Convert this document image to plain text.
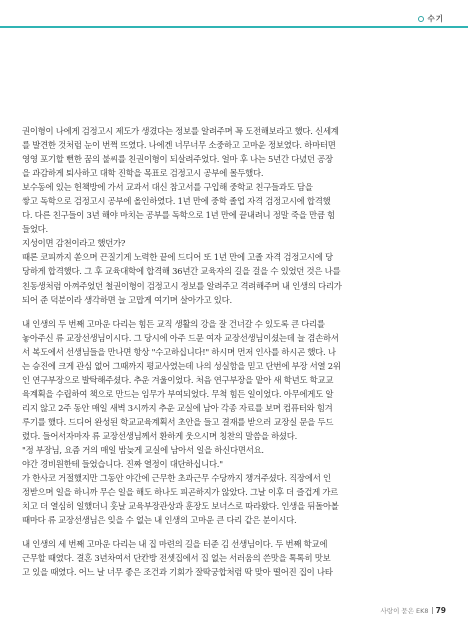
수기
권이형이 나에게 검정고시 제도가 생겼다는 정보를 알려주며 꼭 도전해보라고 했다. 신세계
를 발견한 것처럼 눈이 번쩍 뜨였다. 나에겐 너무너무 소중하고 고마운 정보였다. 하마터면
영영 포기할 뻔한 꿈의 불씨를 친권이형이 되살려주었다. 얼마 후 나는 5년간 다녔던 공장
을 과감하게 퇴사하고 대학 진학을 목표로 검정고시 공부에 몰두했다.
보수동에 있는 헌책방에 가서 교과서 대신 참고서를 구입해 중학교 친구들과도 담을
쌓고 독학으로 검정고시 공부에 올인하였다. 1년 만에 중학 졸업 자격 검정고시에 합격했
다. 다른 친구들이 3년 해야 마치는 공부를 독학으로 1년 만에 끝내려니 정말 죽을 만큼 힘
들었다.
지성이면 감천이라고 했던가?
때론 코피까지 쏟으며 끈질기게 노력한 끝에 드디어 또 1년 만에 고졸 자격 검정고시에 당
당하게 합격했다. 그 후 교육대학에 합격해 36년간 교육자의 길을 걸을 수 있었던 것은 나를
친동생처럼 아껴주었던 철권이형이 검정고시 정보를 알려주고 격려해주며 내 인생의 다리가
되어 준 덕분이라 생각하면 늘 고맙게 여기며 살아가고 있다.
내 인생의 두 번째 고마운 다리는 힘든 교직 생활의 강을 잘 건너갈 수 있도록 큰 다리를
놓아주신 류 교장선생님이시다. 그 당시에 아주 드문 여자 교장선생님이셨는데 늘 겸손하셔
서 복도에서 선생님들을 만나면 항상 "수고하십니다!" 하시며 먼저 인사를 하시곤 했다. 나
는 승진에 크게 관심 없어 그때까지 평교사였는데 나의 성실함을 믿고 단번에 부장 서열 2위
인 연구부장으로 발탁해주셨다. 추운 겨울이었다. 처음 연구부장을 맡아 새 학년도 학교교
육계획을 수립하여 책으로 만드는 임무가 부여되었다. 무척 힘든 일이었다. 아무에게도 알
리지 않고 2주 동안 매일 새벽 3시까지 추운 교실에 남아 각종 자료를 보며 컴퓨터와 힘겨
루기를 했다. 드디어 완성된 학교교육계획서 초안을 들고 결재를 받으러 교장실 문을 두드
렸다. 들어서자마자 류 교장선생님께서 환하게 웃으시며 칭찬의 말씀을 하셨다.
"정 부장님, 요즘 거의 매일 밤늦게 교실에 남아서 일을 하신다면서요.
야간 경비원한테 들었습니다. 진짜 열정이 대단하십니다."
가 한사코 거절했지만 그동안 야간에 근무한 초과근무 수당까지 챙겨주셨다. 직장에서 인
정받으며 일을 하니까 무슨 일을 해도 하나도 피곤하지가 않았다. 그날 이후 더 즐겁게 가르
치고 더 열심히 일했더니 훗날 교육부장관상과 훈장도 보너스로 따라왔다. 인생을 뒤돌아볼
때마다 류 교장선생님은 잊을 수 없는 내 인생의 고마운 큰 다리 같은 분이시다.
내 인생의 세 번째 고마운 다리는 내 집 마련의 길을 터준 김 선생님이다. 두 번째 학교에
근무할 때였다. 결혼 3년차여서 단칸방 전셋집에서 집 없는 서러움의 쓴맛을 톡톡히 맛보
고 있을 때였다. 어느 날 너무 좋은 조건과 기회가 잘딱궁합처럼 딱 맞아 떨어진 집이 나타
사랑이 묻은 EK8 79
